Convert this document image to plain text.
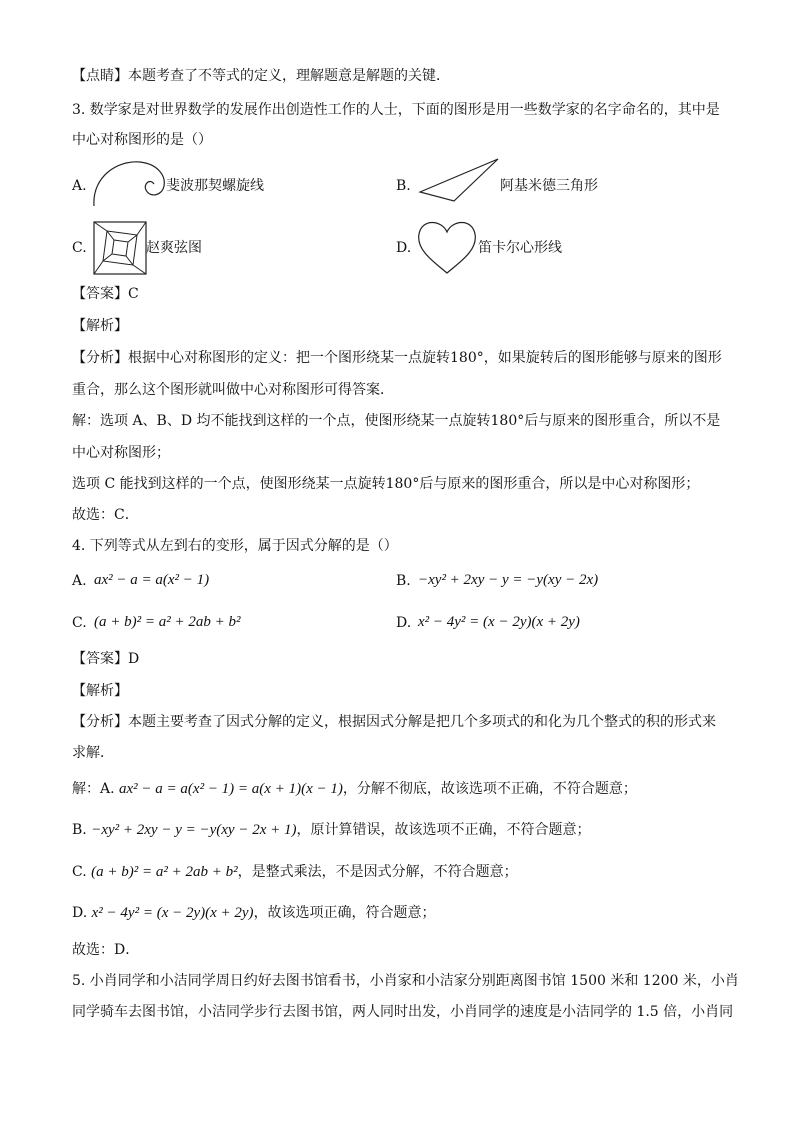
【点睛】本题考查了不等式的定义，理解题意是解题的关键．
3. 数学家是对世界数学的发展作出创造性工作的人士，下面的图形是用一些数学家的名字命名的，其中是
中心对称图形的是（）
A.	斐波那契螺旋线	B.	阿基米德三角形
C.	赵爽弦图	D.	笛卡尔心形线
【答案】C
【解析】
【分析】根据中心对称图形的定义：把一个图形绕某一点旋转180°，如果旋转后的图形能够与原来的图形
重合，那么这个图形就叫做中心对称图形可得答案．
解：选项 A、B、D 均不能找到这样的一个点，使图形绕某一点旋转180°后与原来的图形重合，所以不是
中心对称图形；
选项 C 能找到这样的一个点，使图形绕某一点旋转180°后与原来的图形重合，所以是中心对称图形；
故选：C．
4. 下列等式从左到右的变形，属于因式分解的是（）
A. ax² − a = a(x² − 1)	B. −xy² + 2xy − y = −y(xy − 2x)
C. (a + b)² = a² + 2ab + b²	D. x² − 4y² = (x − 2y)(x + 2y)
【答案】D
【解析】
【分析】本题主要考查了因式分解的定义，根据因式分解是把几个多项式的和化为几个整式的积的形式来
求解．
解：A. ax² − a = a(x² − 1) = a(x + 1)(x − 1)，分解不彻底，故该选项不正确，不符合题意；
B. −xy² + 2xy − y = −y(xy − 2x + 1)，原计算错误，故该选项不正确，不符合题意；
C. (a + b)² = a² + 2ab + b²，是整式乘法，不是因式分解，不符合题意；
D. x² − 4y² = (x − 2y)(x + 2y)，故该选项正确，符合题意；
故选：D．
5. 小肖同学和小洁同学周日约好去图书馆看书，小肖家和小洁家分别距离图书馆 1500 米和 1200 米，小肖
同学骑车去图书馆，小洁同学步行去图书馆，两人同时出发，小肖同学的速度是小洁同学的 1.5 倍，小肖同
